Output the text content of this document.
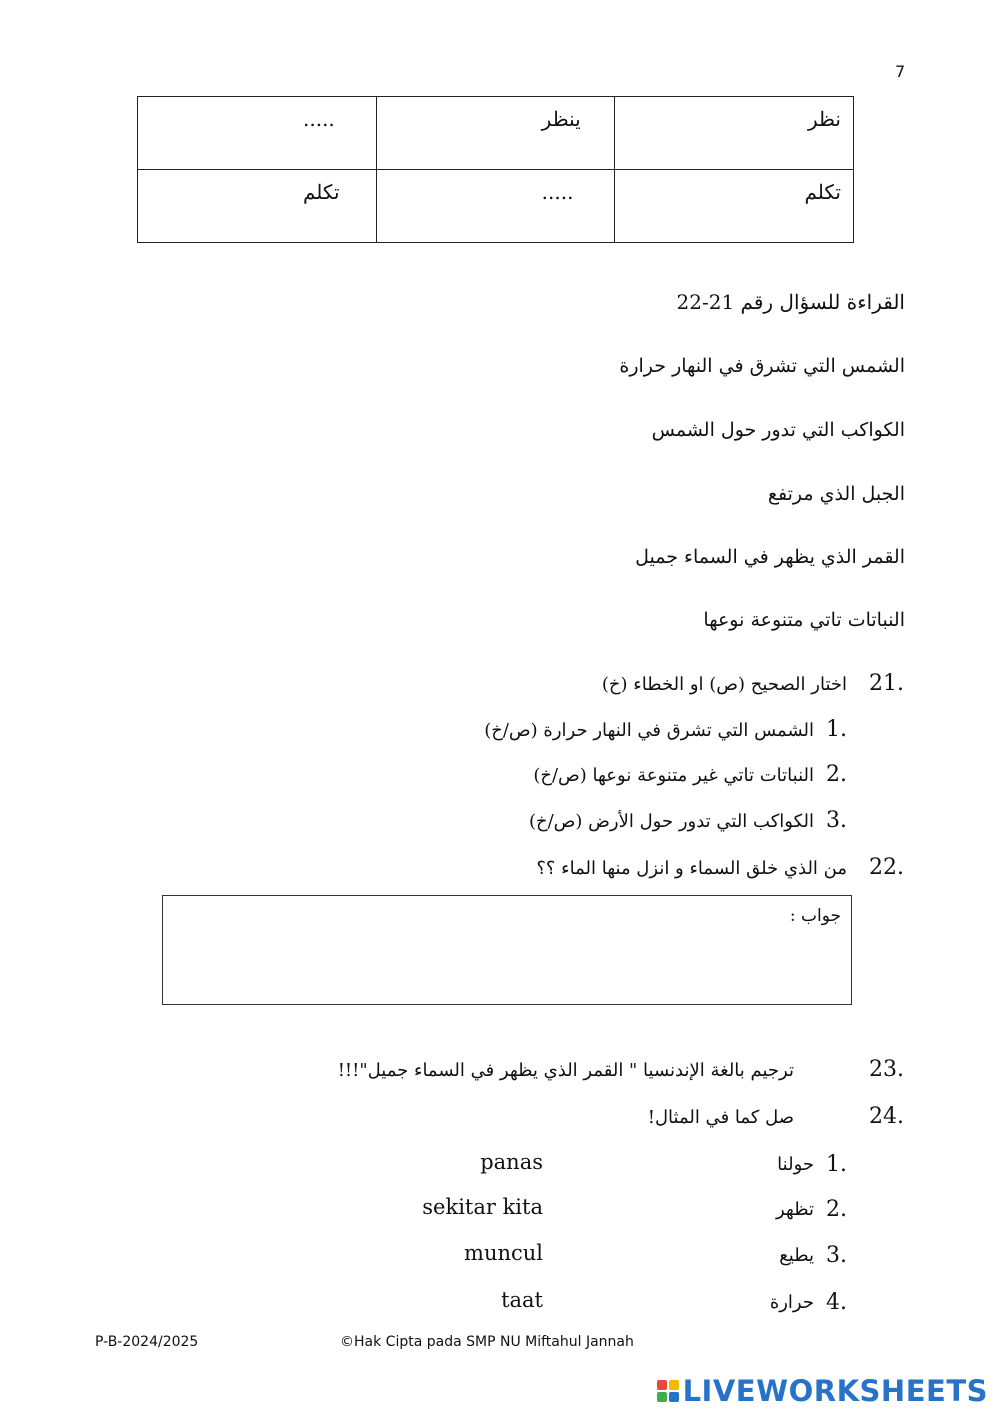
7
.....	ينظر	نظر
تكلم	.....	تكلم
القراءة للسؤال رقم 21-22
الشمس التي تشرق في النهار حرارة
الكواكب التي تدور حول الشمس
الجبل الذي مرتفع
القمر الذي يظهر في السماء جميل
النباتات تاتي متنوعة نوعها
21.
اختار الصحيح (ص) او الخطاء (خ)
1.
الشمس التي تشرق في النهار حرارة (ص/خ)
2.
النباتات تاتي غير متنوعة نوعها (ص/خ)
3.
الكواكب التي تدور حول الأرض (ص/خ)
22.
من الذي خلق السماء و انزل منها الماء ؟؟
جواب :
23.
ترجيم بالغة الإندنسيا " القمر الذي يظهر في السماء جميل"!!!
24.
صل كما في المثال!
1.
حولنا
panas
2.
تظهر
sekitar kita
3.
يطيع
muncul
4.
حرارة
taat
P-B-2024/2025	©Hak Cipta pada SMP NU Miftahul Jannah
LIVEWORKSHEETS
